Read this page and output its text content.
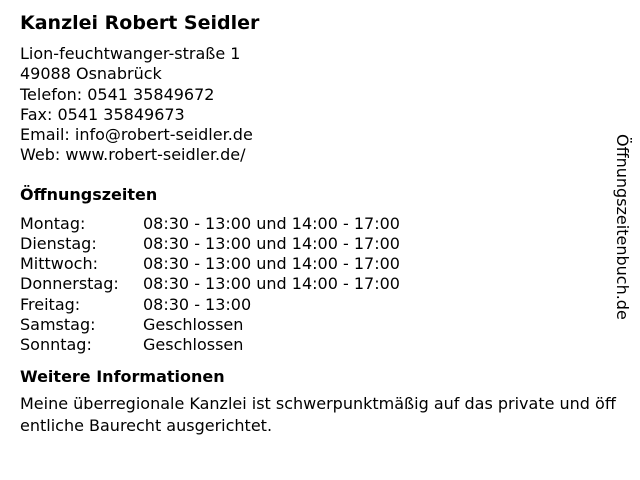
Kanzlei Robert Seidler
Lion-feuchtwanger-straße 1
49088 Osnabrück
Telefon: 0541 35849672
Fax: 0541 35849673
Email: info@robert-seidler.de
Web: www.robert-seidler.de/
Öffnungszeiten
Montag:	08:30 - 13:00 und 14:00 - 17:00
Dienstag:	08:30 - 13:00 und 14:00 - 17:00
Mittwoch:	08:30 - 13:00 und 14:00 - 17:00
Donnerstag:	08:30 - 13:00 und 14:00 - 17:00
Freitag:	08:30 - 13:00
Samstag:	Geschlossen
Sonntag:	Geschlossen
Weitere Informationen
Meine überregionale Kanzlei ist schwerpunktmäßig auf das private und öffentliche Baurecht ausgerichtet.
Öffnungszeitenbuch.de
